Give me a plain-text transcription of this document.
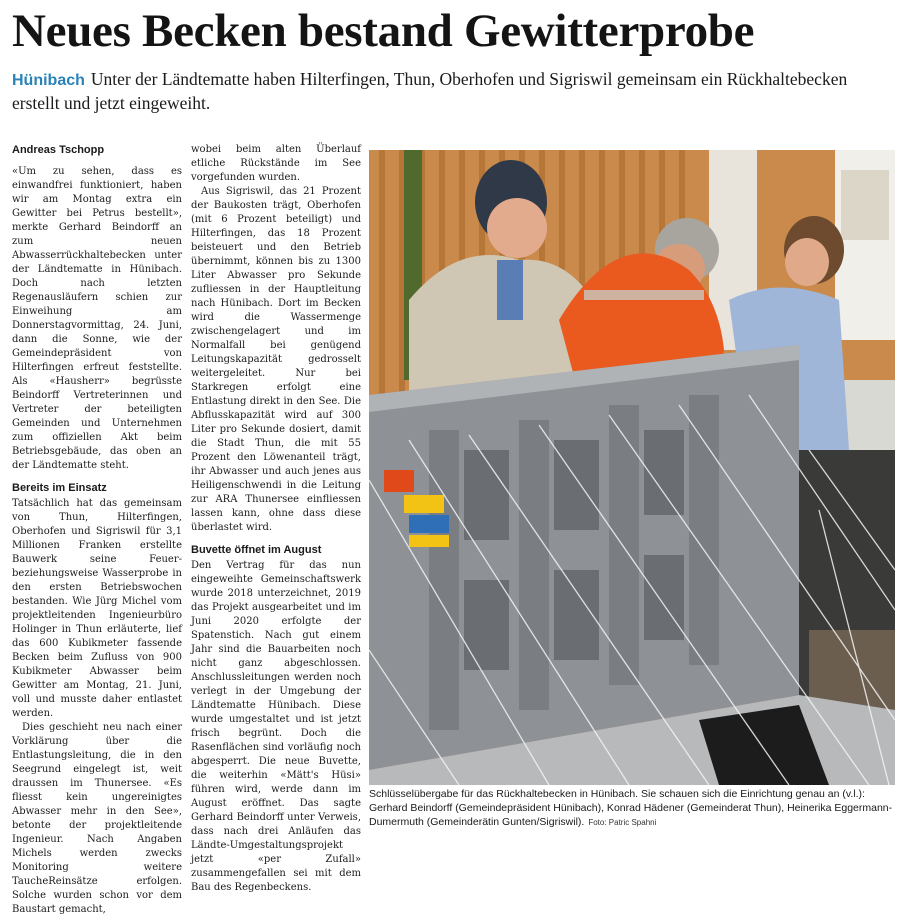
Neues Becken bestand Gewitterprobe
Hünibach Unter der Ländtematte haben Hilterfingen, Thun, Oberhofen und Sigriswil gemeinsam ein Rückhaltebecken erstellt und jetzt eingeweiht.

Andreas Tschopp

«Um zu sehen, dass es einwandfrei funktioniert, haben wir am Montag extra ein Gewitter bei Petrus bestellt», merkte Gerhard Beindorff an zum neuen Abwasserrückhaltebecken unter der Ländtematte in Hünibach. Doch nach letzten Regenausläufern schien zur Einweihung am Donnerstagvormittag, 24. Juni, dann die Sonne, wie der Gemeindepräsident von Hilterfingen erfreut feststellte. Als «Hausherr» begrüsste Beindorff Vertreterinnen und Vertreter der beteiligten Gemeinden und Unternehmen zum offiziellen Akt beim Betriebsgebäude, das oben an der Ländtematte steht.

Bereits im Einsatz

Tatsächlich hat das gemeinsam von Thun, Hilterfingen, Oberhofen und Sigriswil für 3,1 Millionen Franken erstellte Bauwerk seine Feuer- beziehungsweise Wasserprobe in den ersten Betriebswochen bestanden. Wie Jürg Michel vom projektleitenden Ingenieurbüro Holinger in Thun erläuterte, lief das 600 Kubikmeter fassende Becken beim Zufluss von 900 Kubikmeter Abwasser beim Gewitter am Montag, 21. Juni, voll und musste daher entlastet werden.

Dies geschieht neu nach einer Vorklärung über die Entlastungsleitung, die in den Seegrund eingelegt ist, weit draussen im Thunersee. «Es fliesst kein ungereinigtes Abwasser mehr in den See», betonte der projektleitende Ingenieur. Nach Angaben Michels werden zwecks Monitoring weitere TaucheReinsätze erfolgen. Solche wurden schon vor dem Baustart gemacht,

wobei beim alten Überlauf etliche Rückstände im See vorgefunden wurden.

Aus Sigriswil, das 21 Prozent der Baukosten trägt, Oberhofen (mit 6 Prozent beteiligt) und Hilterfingen, das 18 Prozent beisteuert und den Betrieb übernimmt, können bis zu 1300 Liter Abwasser pro Sekunde zufliessen in der Hauptleitung nach Hünibach. Dort im Becken wird die Wassermenge zwischengelagert und im Normalfall bei genügend Leitungskapazität gedrosselt weitergeleitet. Nur bei Starkregen erfolgt eine Entlastung direkt in den See. Die Abflusskapazität wird auf 300 Liter pro Sekunde dosiert, damit die Stadt Thun, die mit 55 Prozent den Löwenanteil trägt, ihr Abwasser und auch jenes aus Heiligenschwendi in die Leitung zur ARA Thunersee einfliessen lassen kann, ohne dass diese überlastet wird.

Buvette öffnet im August

Den Vertrag für das nun eingeweihte Gemeinschaftswerk wurde 2018 unterzeichnet, 2019 das Projekt ausgearbeitet und im Juni 2020 erfolgte der Spatenstich. Nach gut einem Jahr sind die Bauarbeiten noch nicht ganz abgeschlossen. Anschlussleitungen werden noch verlegt in der Umgebung der Ländtematte Hünibach. Diese wurde umgestaltet und ist jetzt frisch begrünt. Doch die Rasenflächen sind vorläufig noch abgesperrt. Die neue Buvette, die weiterhin «Mätt's Hüsi» führen wird, werde dann im August eröffnet. Das sagte Gerhard Beindorff unter Verweis, dass nach drei Anläufen das Ländte-Umgestaltungsprojekt jetzt «per Zufall» zusammengefallen sei mit dem Bau des Regenbeckens.

Schlüsselübergabe für das Rückhaltebecken in Hünibach. Sie schauen sich die Einrichtung genau an (v.l.): Gerhard Beindorff (Gemeindepräsident Hünibach), Konrad Hädener (Gemeinderat Thun), Heinerika Eggermann-Dumermuth (Gemeinderätin Gunten/Sigriswil). Foto: Patric Spahni
